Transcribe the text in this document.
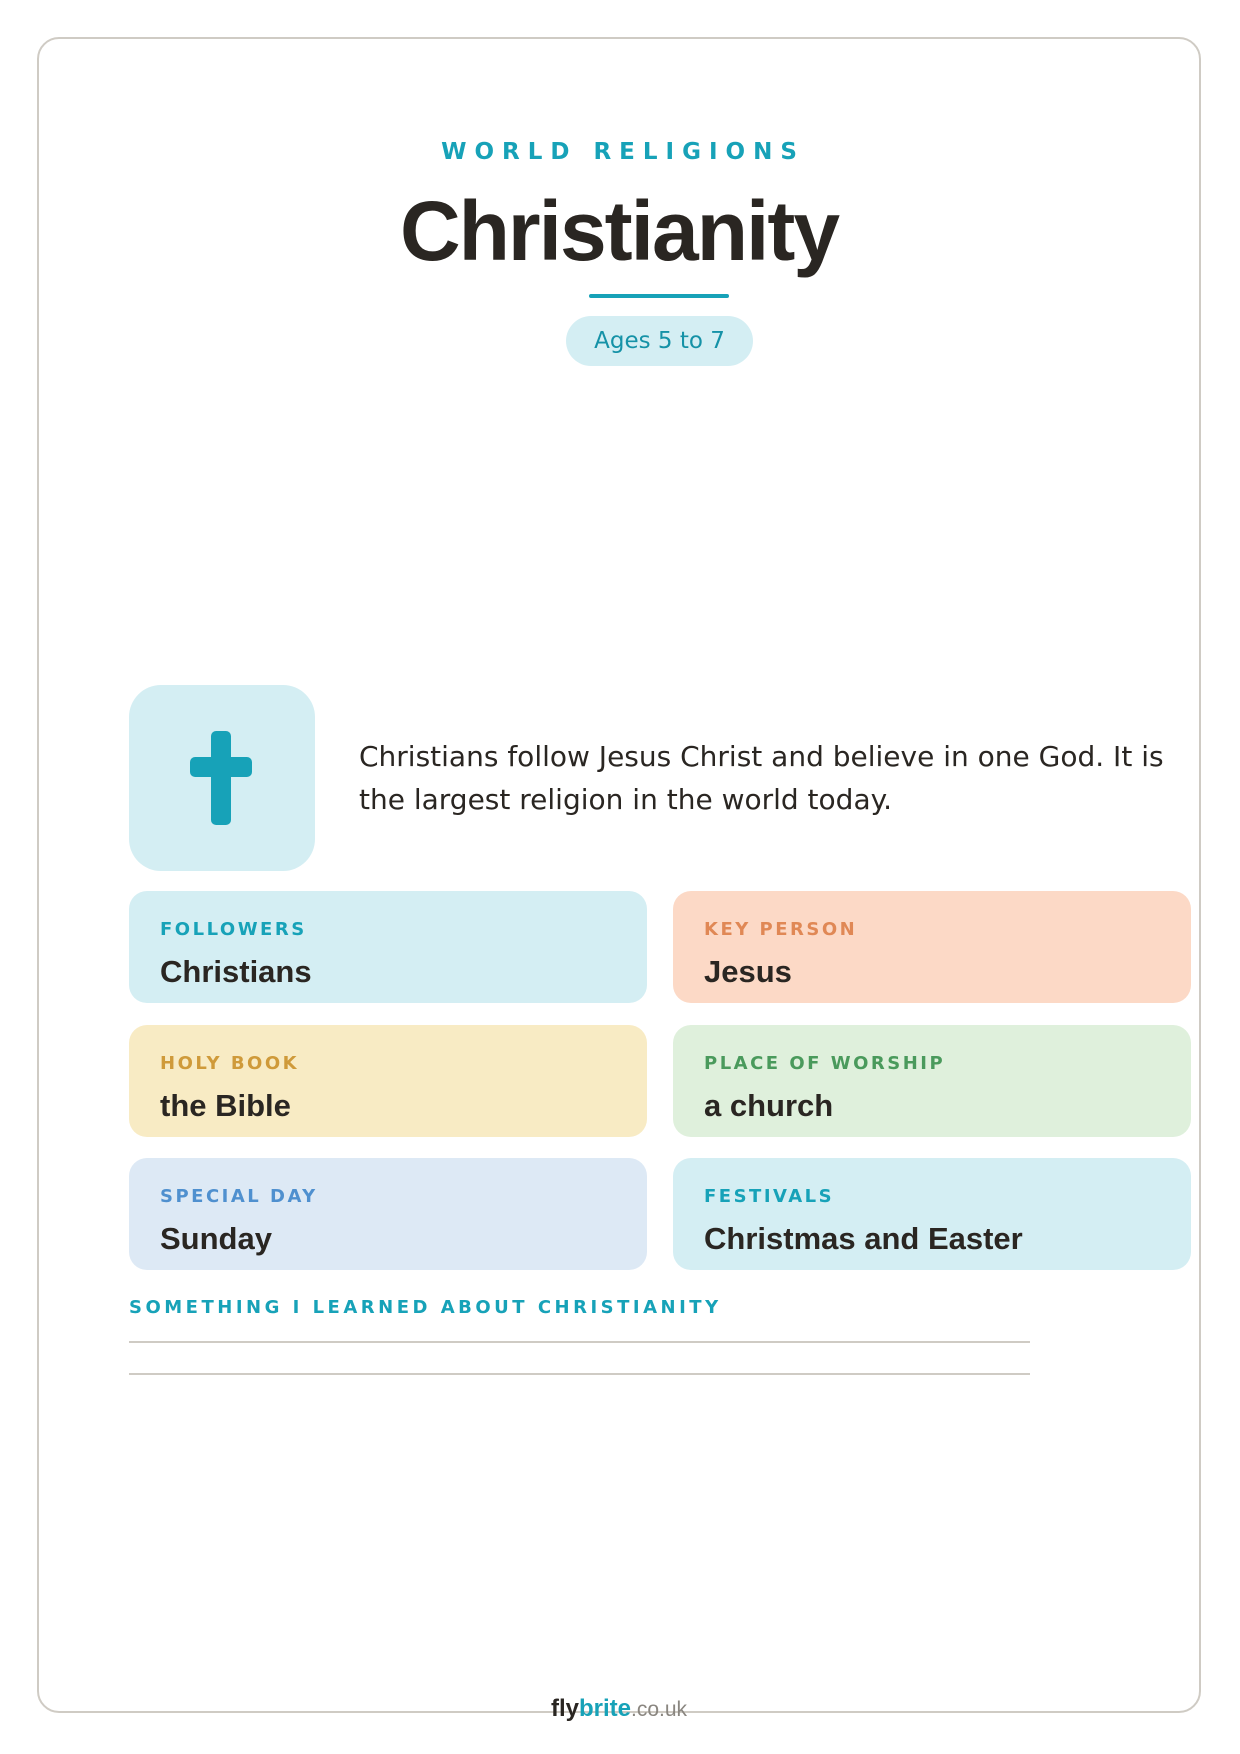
WORLD RELIGIONS
Christianity
Ages 5 to 7
Christians follow Jesus Christ and believe in one God. It is the largest religion in the world today.
FOLLOWERS
Christians
KEY PERSON
Jesus
HOLY BOOK
the Bible
PLACE OF WORSHIP
a church
SPECIAL DAY
Sunday
FESTIVALS
Christmas and Easter
SOMETHING I LEARNED ABOUT CHRISTIANITY
flybrite.co.uk
